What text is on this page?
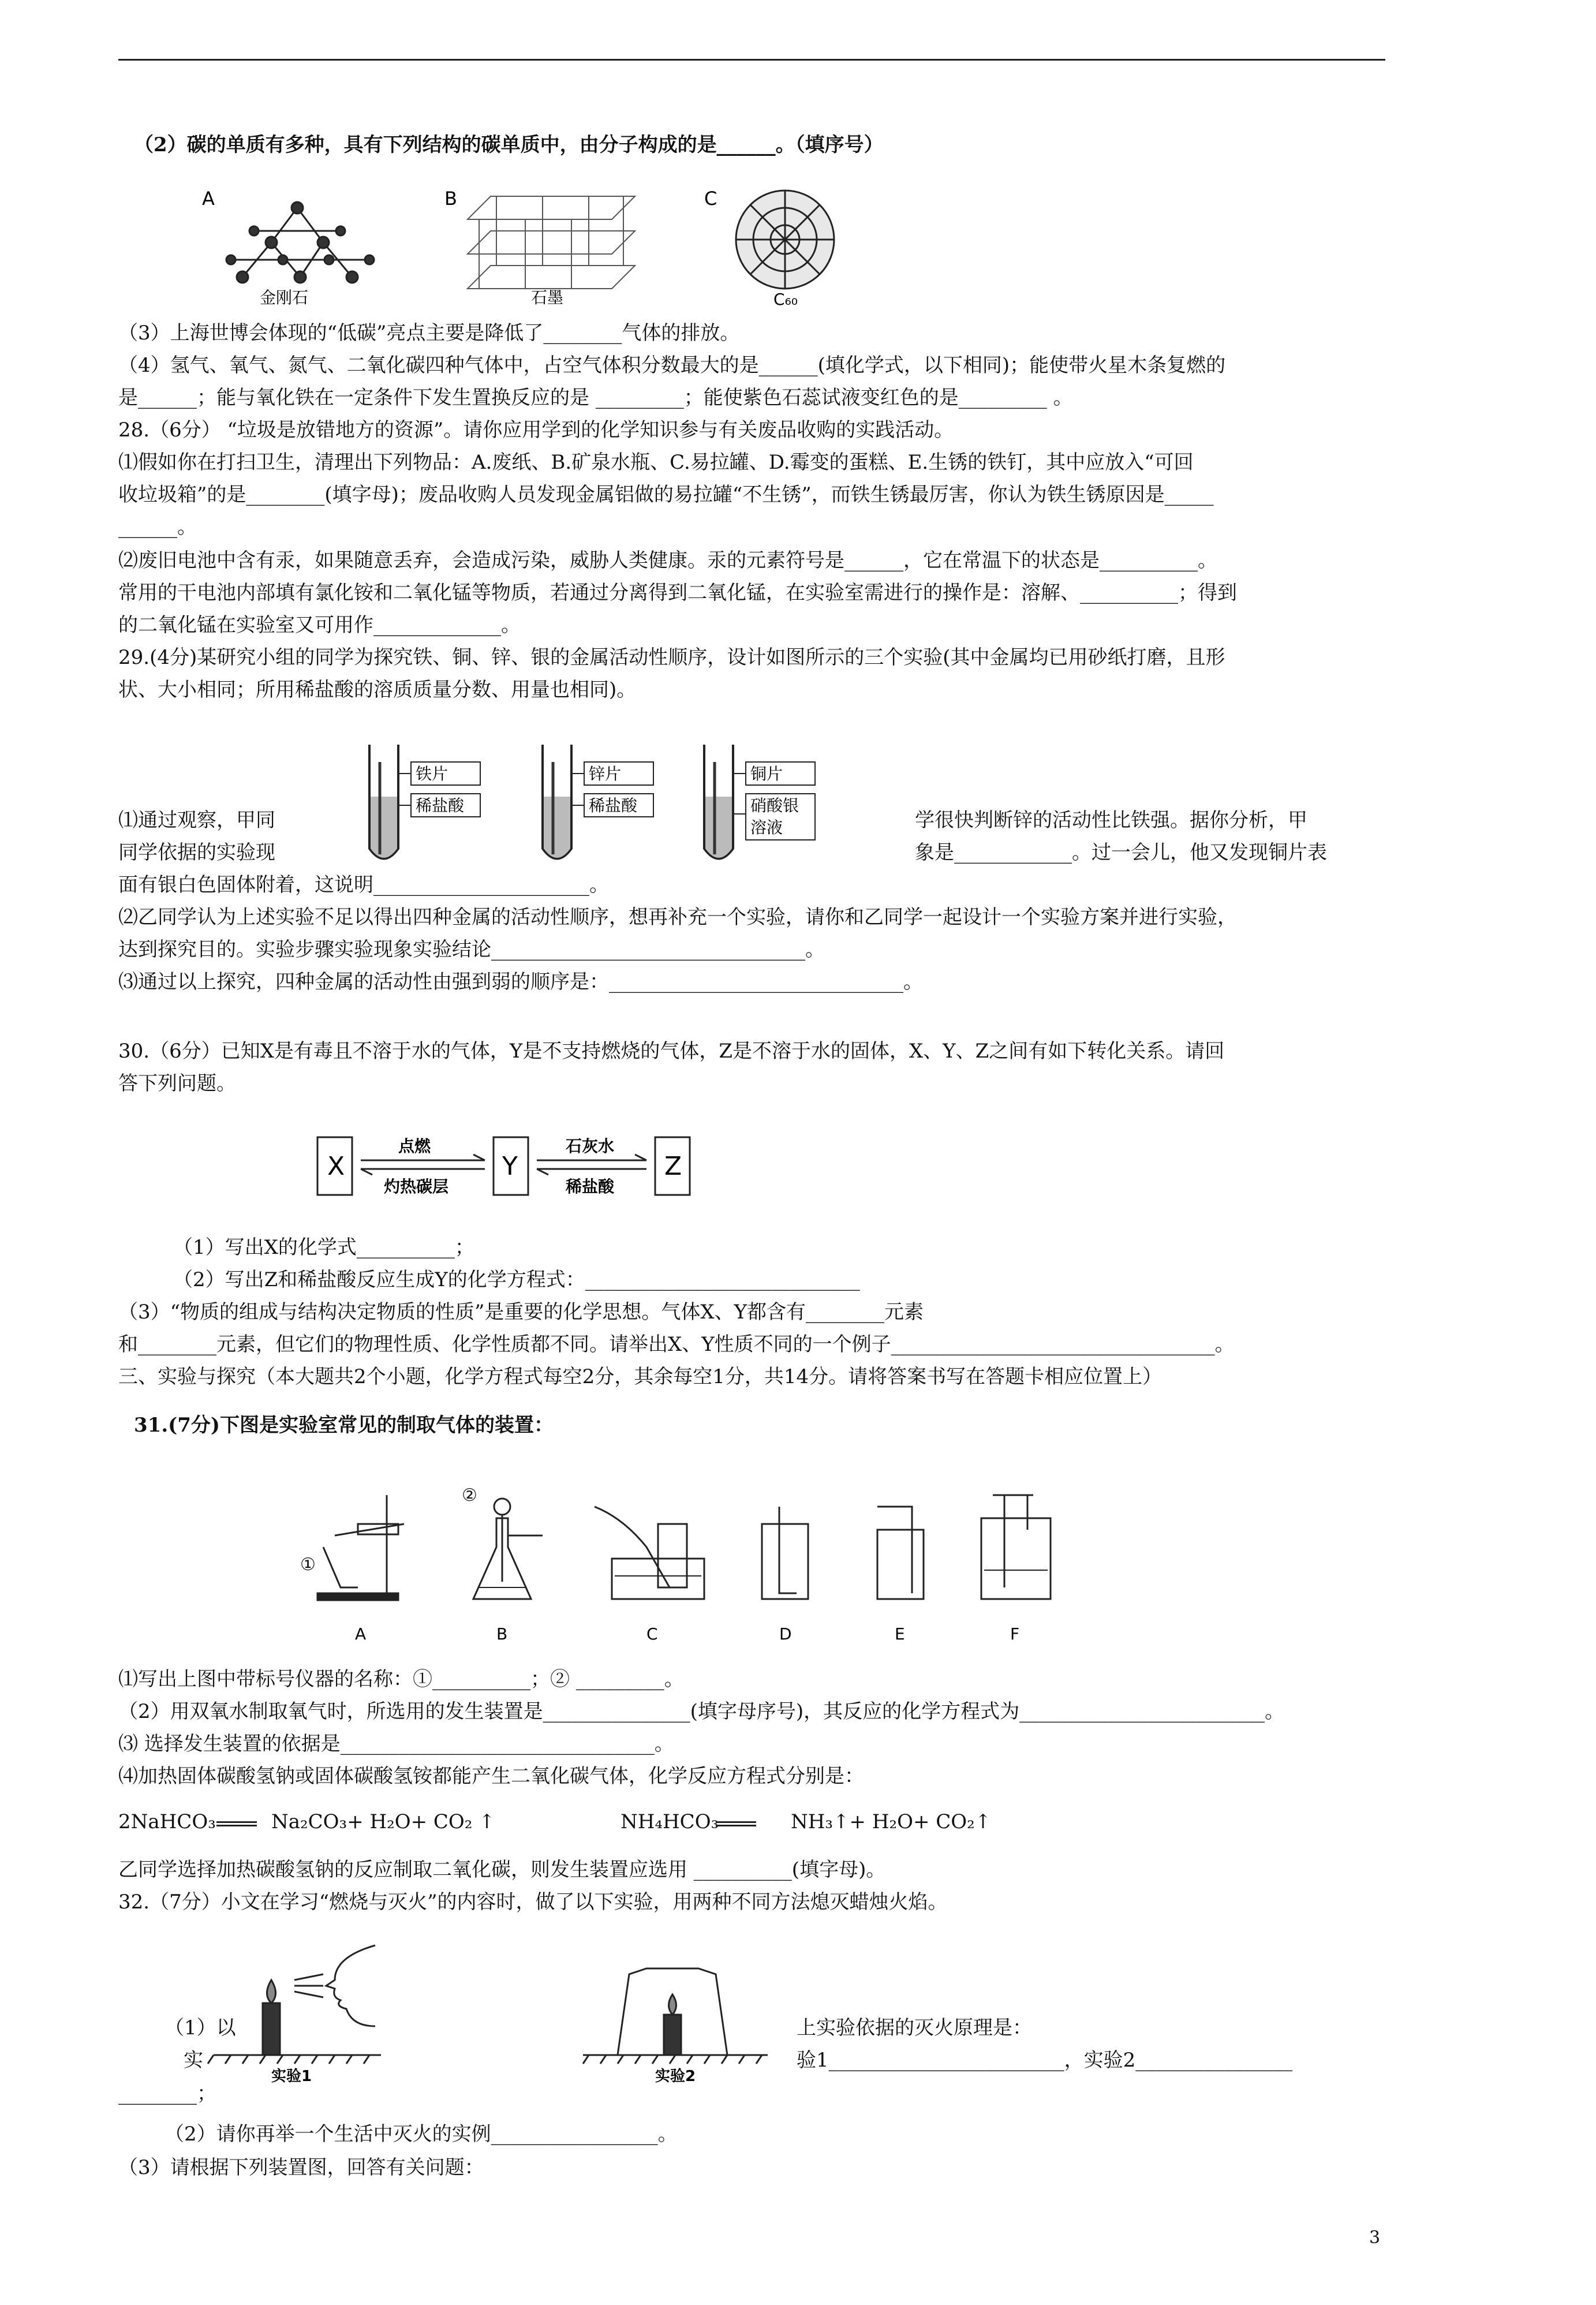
（2）碳的单质有多种，具有下列结构的碳单质中，由分子构成的是______。（填序号）
A
金刚石
B
石墨
C
C₆₀
（3）上海世博会体现的“低碳”亮点主要是降低了________气体的排放。
（4）氢气、氧气、氮气、二氧化碳四种气体中，占空气体积分数最大的是______(填化学式，以下相同)；能使带火星木条复燃的
是______；能与氧化铁在一定条件下发生置换反应的是 _________；能使紫色石蕊试液变红色的是_________ 。
28.（6分） “垃圾是放错地方的资源”。请你应用学到的化学知识参与有关废品收购的实践活动。
⑴假如你在打扫卫生，清理出下列物品：A.废纸、B.矿泉水瓶、C.易拉罐、D.霉变的蛋糕、E.生锈的铁钉，其中应放入“可回
收垃圾箱”的是________(填字母)；废品收购人员发现金属铝做的易拉罐“不生锈”，而铁生锈最厉害，你认为铁生锈原因是_____
______。
⑵废旧电池中含有汞，如果随意丢弃，会造成污染，威胁人类健康。汞的元素符号是______，它在常温下的状态是__________。
常用的干电池内部填有氯化铵和二氧化锰等物质，若通过分离得到二氧化锰，在实验室需进行的操作是：溶解、__________；得到
的二氧化锰在实验室又可用作_____________。
29.(4分)某研究小组的同学为探究铁、铜、锌、银的金属活动性顺序，设计如图所示的三个实验(其中金属均已用砂纸打磨，且形
状、大小相同；所用稀盐酸的溶质质量分数、用量也相同)。
铁片
稀盐酸
锌片
稀盐酸
铜片
硝酸银
溶液
⑴通过观察，甲同
同学依据的实验现
学很快判断锌的活动性比铁强。据你分析，甲
象是____________。过一会儿，他又发现铜片表
面有银白色固体附着，这说明______________________。
⑵乙同学认为上述实验不足以得出四种金属的活动性顺序，想再补充一个实验，请你和乙同学一起设计一个实验方案并进行实验，
达到探究目的。实验步骤实验现象实验结论________________________________。
⑶通过以上探究，四种金属的活动性由强到弱的顺序是：______________________________。
30.（6分）已知X是有毒且不溶于水的气体，Y是不支持燃烧的气体，Z是不溶于水的固体，X、Y、Z之间有如下转化关系。请回
答下列问题。
X
点燃
灼热碳层
Y
石灰水
稀盐酸
Z
（1）写出X的化学式__________；
（2）写出Z和稀盐酸反应生成Y的化学方程式：____________________________
（3）“物质的组成与结构决定物质的性质”是重要的化学思想。气体X、Y都含有________元素
和________元素，但它们的物理性质、化学性质都不同。请举出X、Y性质不同的一个例子_________________________________。
三、实验与探究（本大题共2个小题，化学方程式每空2分，其余每空1分，共14分。请将答案书写在答题卡相应位置上）
31.(7分)下图是实验室常见的制取气体的装置：
①
②
A	B	C	D	E	F
⑴写出上图中带标号仪器的名称：①__________；② _________。
（2）用双氧水制取氧气时，所选用的发生装置是_______________(填字母序号)，其反应的化学方程式为_________________________。
⑶ 选择发生装置的依据是________________________________。
⑷加热固体碳酸氢钠或固体碳酸氢铵都能产生二氧化碳气体，化学反应方程式分别是：
2NaHCO₃	Na₂CO₃+ H₂O+ CO₂ ↑	NH₄HCO₃	NH₃↑+ H₂O+ CO₂↑
乙同学选择加热碳酸氢钠的反应制取二氧化碳，则发生装置应选用 __________(填字母)。
32.（7分）小文在学习“燃烧与灭火”的内容时，做了以下实验，用两种不同方法熄灭蜡烛火焰。
实验1	实验2
（1）以
实
上实验依据的灭火原理是：
验1________________________，实验2________________
________；
（2）请你再举一个生活中灭火的实例_________________。
（3）请根据下列装置图，回答有关问题：
3
